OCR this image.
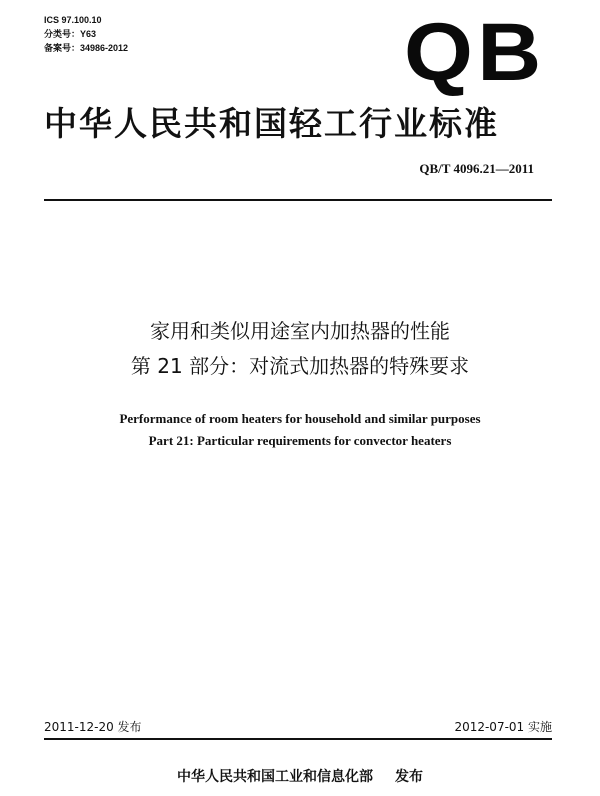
ICS 97.100.10
分类号：Y63
备案号：34986-2012	QB
中华人民共和国轻工行业标准
QB/T 4096.21—2011
家用和类似用途室内加热器的性能
第 21 部分：对流式加热器的特殊要求
Performance of room heaters for household and similar purposes
Part 21: Particular requirements for convector heaters
2011-12-20 发布	2012-07-01 实施
中华人民共和国工业和信息化部 发布
